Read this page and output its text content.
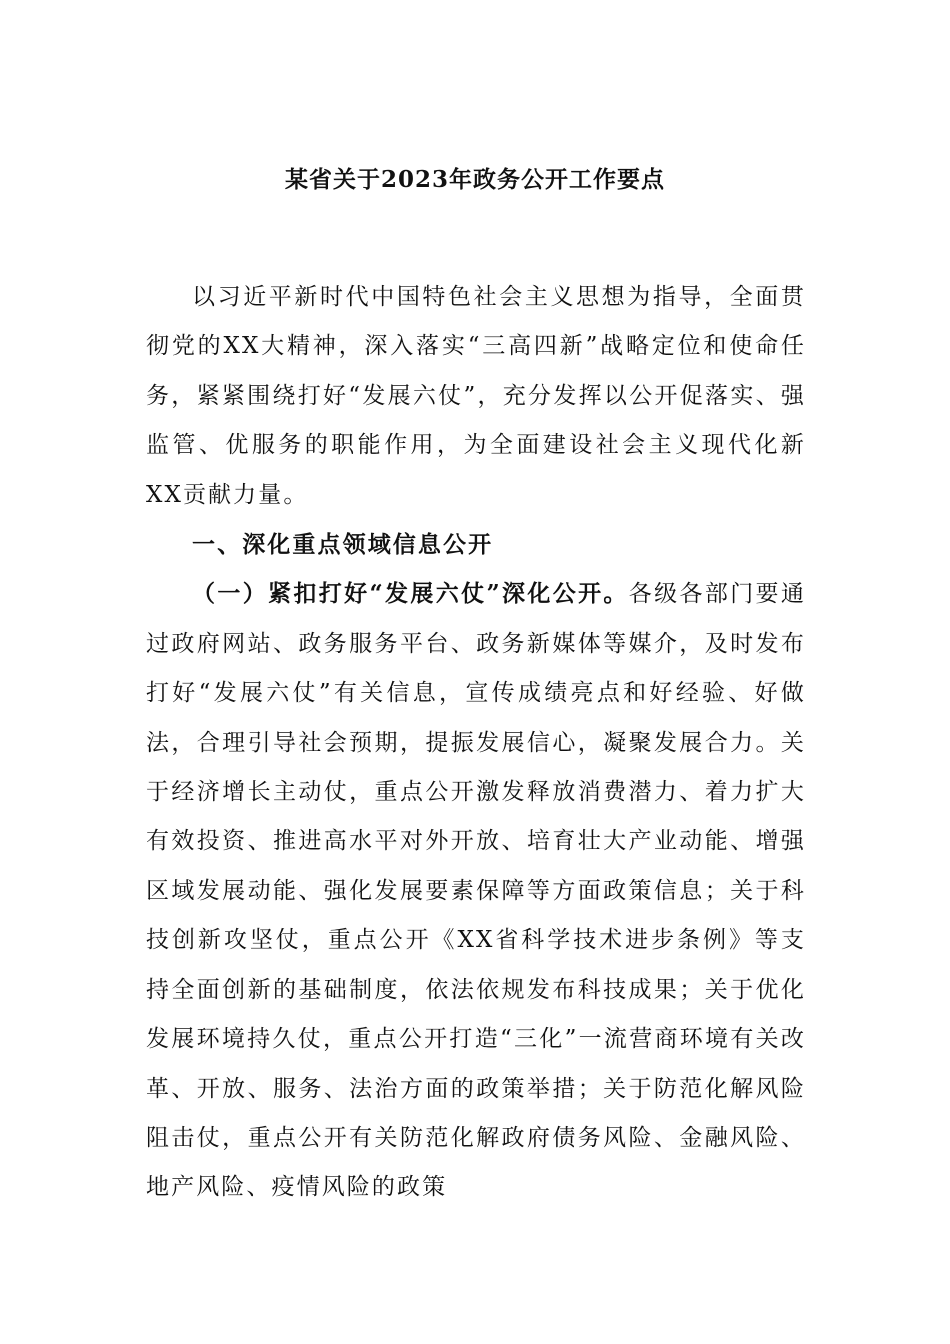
某省关于2023年政务公开工作要点

以习近平新时代中国特色社会主义思想为指导，全面贯彻党的XX大精神，深入落实“三高四新”战略定位和使命任务，紧紧围绕打好“发展六仗”，充分发挥以公开促落实、强监管、优服务的职能作用，为全面建设社会主义现代化新XX贡献力量。

一、深化重点领域信息公开

（一）紧扣打好“发展六仗”深化公开。各级各部门要通过政府网站、政务服务平台、政务新媒体等媒介，及时发布打好“发展六仗”有关信息，宣传成绩亮点和好经验、好做法，合理引导社会预期，提振发展信心，凝聚发展合力。关于经济增长主动仗，重点公开激发释放消费潜力、着力扩大有效投资、推进高水平对外开放、培育壮大产业动能、增强区域发展动能、强化发展要素保障等方面政策信息；关于科技创新攻坚仗，重点公开《XX省科学技术进步条例》等支持全面创新的基础制度，依法依规发布科技成果；关于优化发展环境持久仗，重点公开打造“三化”一流营商环境有关改革、开放、服务、法治方面的政策举措；关于防范化解风险阻击仗，重点公开有关防范化解政府债务风险、金融风险、地产风险、疫情风险的政策
